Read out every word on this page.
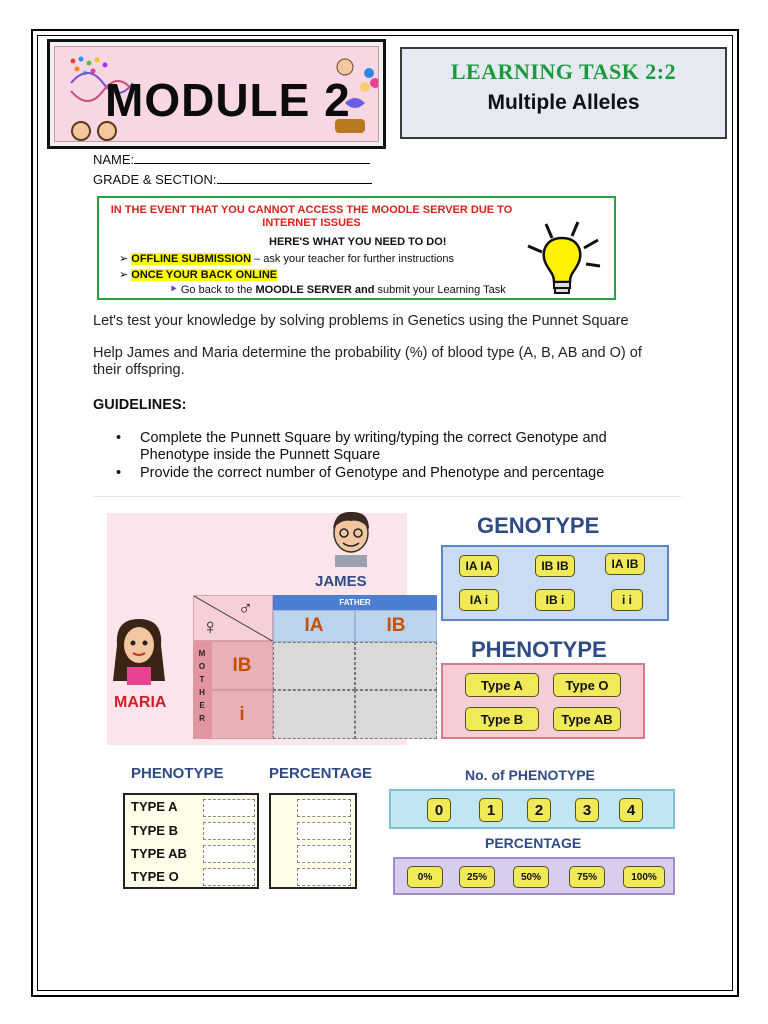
MODULE 2
LEARNING TASK 2:2
Multiple Alleles
NAME:
GRADE & SECTION:
IN THE EVENT THAT YOU CANNOT ACCESS THE MOODLE SERVER DUE TO INTERNET ISSUES
HERE'S WHAT YOU NEED TO DO!
➢ OFFLINE SUBMISSION – ask your teacher for further instructions
➢ ONCE YOUR BACK ONLINE
⯈ Go back to the MOODLE SERVER and submit your Learning Task
Let's test your knowledge by solving problems in Genetics using the Punnet Square
Help James and Maria determine the probability (%) of blood type (A, B, AB and O) of their offspring.
GUIDELINES:
• Complete the Punnett Square by writing/typing the correct Genotype and Phenotype inside the Punnett Square
• Provide the correct number of Genotype and Phenotype and percentage
JAMES
MARIA
♂
♀
FATHER
IA	IB
M
O
T
H
E
R
IB
i
GENOTYPE
IA IA	IB IB	IA IB
IA i	IB i	i i
PHENOTYPE
Type A	Type O
Type B	Type AB
PHENOTYPE	PERCENTAGE
TYPE A
TYPE B
TYPE AB
TYPE O
No. of PHENOTYPE
0	1	2	3	4
PERCENTAGE
0%	25%	50%	75%	100%
